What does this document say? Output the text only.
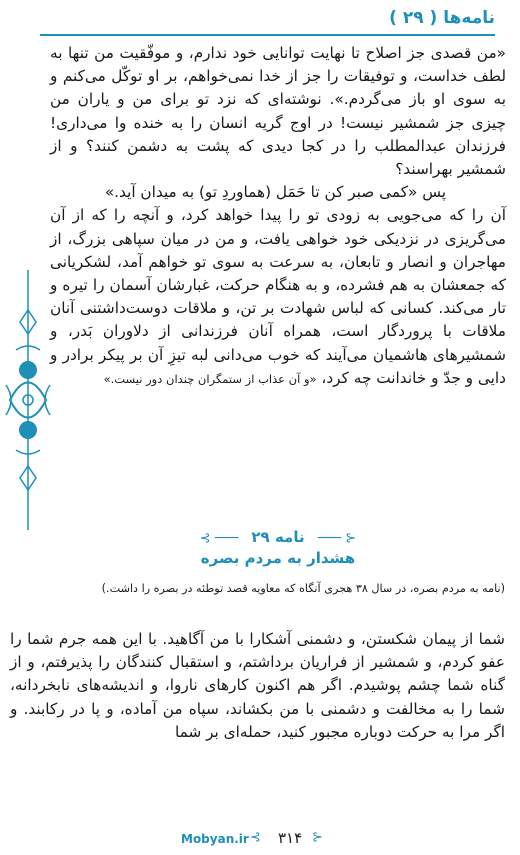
نامه‌ها ( ۲۹ )

«من قصدی جز اصلاح تا نهایت توانایی خود ندارم، و موفّقیت من تنها به لطف خداست، و توفیقات را جز از خدا نمی‌خواهم، بر او توکّل می‌کنم و به سوی او باز می‌گردم.». نوشته‌ای که نزد تو برای من و یاران من چیزی جز شمشیر نیست! در اوج گریه انسان را به خنده وا می‌داری! فرزندان عبدالمطلب را در کجا دیدی که پشت به دشمن کنند؟ و از شمشیر بهراسند؟

پس «کمی صبر کن تا حَمَل (هماوردِ تو) به میدان آید.»

آن را که می‌جویی به زودی تو را پیدا خواهد کرد، و آنچه را که از آن می‌گریزی در نزدیکی خود خواهی یافت، و من در میان سپاهی بزرگ، از مهاجران و انصار و تابعان، به سرعت به سوی تو خواهم آمد، لشکریانی که جمعشان به هم فشرده، و به هنگام حرکت، غبارشان آسمان را تیره و تار می‌کند. کسانی که لباس شهادت بر تن، و ملاقات دوست‌داشتنی آنان ملاقات با پروردگار است، همراه آنان فرزندانی از دلاوران بَدر، و شمشیرهای هاشمیان می‌آیند که خوب می‌دانی لبه تیزِ آن بر پیکر برادر و دایی و جدّ و خاندانت چه کرد، «و آن عذاب از ستمگران چندان دور نیست.»

⊰ ─── نامه ۲۹ ─── ⊱
هشدار به مردم بصره
(نامه به مردم بصره، در سال ۳۸ هجری آنگاه که معاویه قصد توطئه در بصره را داشت.)

شما از پیمان شکستن، و دشمنی آشکارا با من آگاهید. با این همه جرم شما را عفو کردم، و شمشیر از فراریان برداشتم، و استقبال کنندگان را پذیرفتم، و از گناه شما چشم پوشیدم. اگر هم اکنون کارهای ناروا، و اندیشه‌های نابخردانه، شما را به مخالفت و دشمنی با من بکشاند، سپاه من آماده، و پا در رکابند. و اگر مرا به حرکت دوباره مجبور کنید، حمله‌ای بر شما

Mobyan.ir ⊰ ۳۱۴ ⊱
